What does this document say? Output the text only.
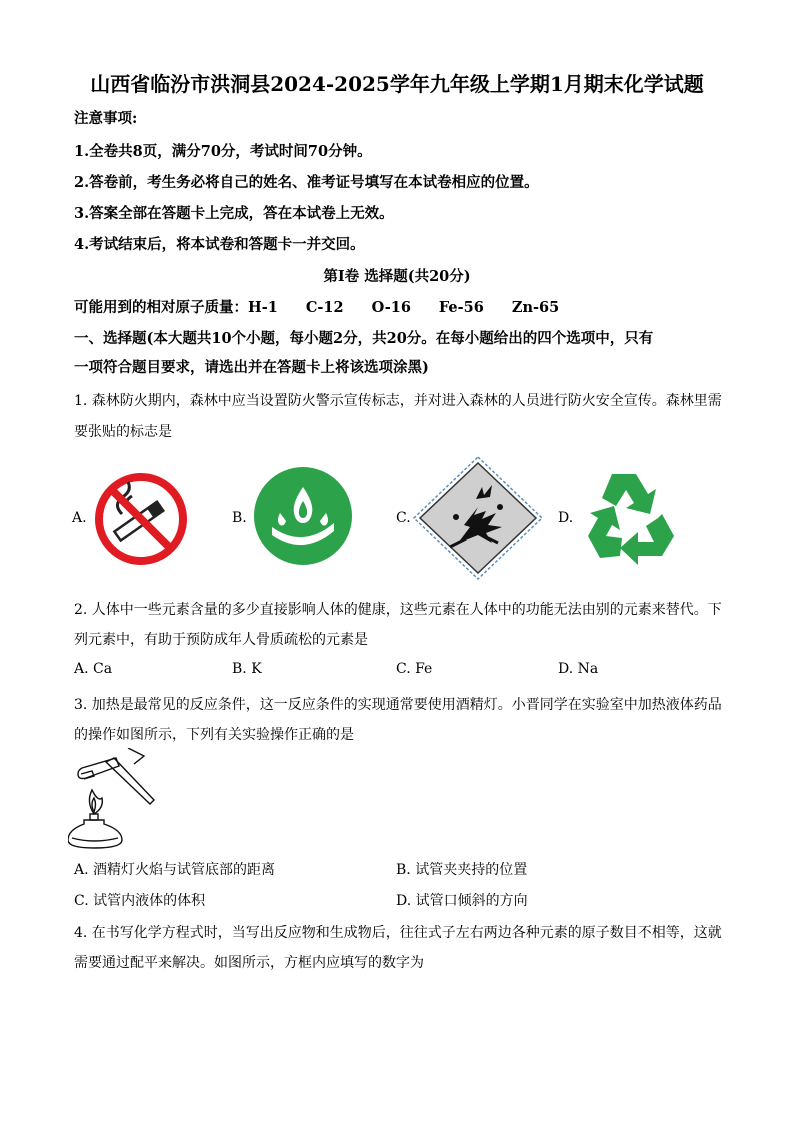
山西省临汾市洪洞县2024-2025学年九年级上学期1月期末化学试题
注意事项:
1.全卷共8页，满分70分，考试时间70分钟。
2.答卷前，考生务必将自己的姓名、准考证号填写在本试卷相应的位置。
3.答案全部在答题卡上完成，答在本试卷上无效。
4.考试结束后，将本试卷和答题卡一并交回。
第Ⅰ卷 选择题(共20分)
可能用到的相对原子质量：H-1 C-12 O-16 Fe-56 Zn-65
一、选择题(本大题共10个小题，每小题2分，共20分。在每小题给出的四个选项中，只有
一项符合题目要求，请选出并在答题卡上将该选项涂黑)
1. 森林防火期内，森林中应当设置防火警示宣传标志，并对进入森林的人员进行防火安全宣传。森林里需
要张贴的标志是
A.	B.	C.	D.
2. 人体中一些元素含量的多少直接影响人体的健康，这些元素在人体中的功能无法由别的元素来替代。下
列元素中，有助于预防成年人骨质疏松的元素是
A. Ca	B. K	C. Fe	D. Na
3. 加热是最常见的反应条件，这一反应条件的实现通常要使用酒精灯。小晋同学在实验室中加热液体药品
的操作如图所示，下列有关实验操作正确的是
A. 酒精灯火焰与试管底部的距离	B. 试管夹夹持的位置
C. 试管内液体的体积	D. 试管口倾斜的方向
4. 在书写化学方程式时，当写出反应物和生成物后，往往式子左右两边各种元素的原子数目不相等，这就
需要通过配平来解决。如图所示，方框内应填写的数字为
